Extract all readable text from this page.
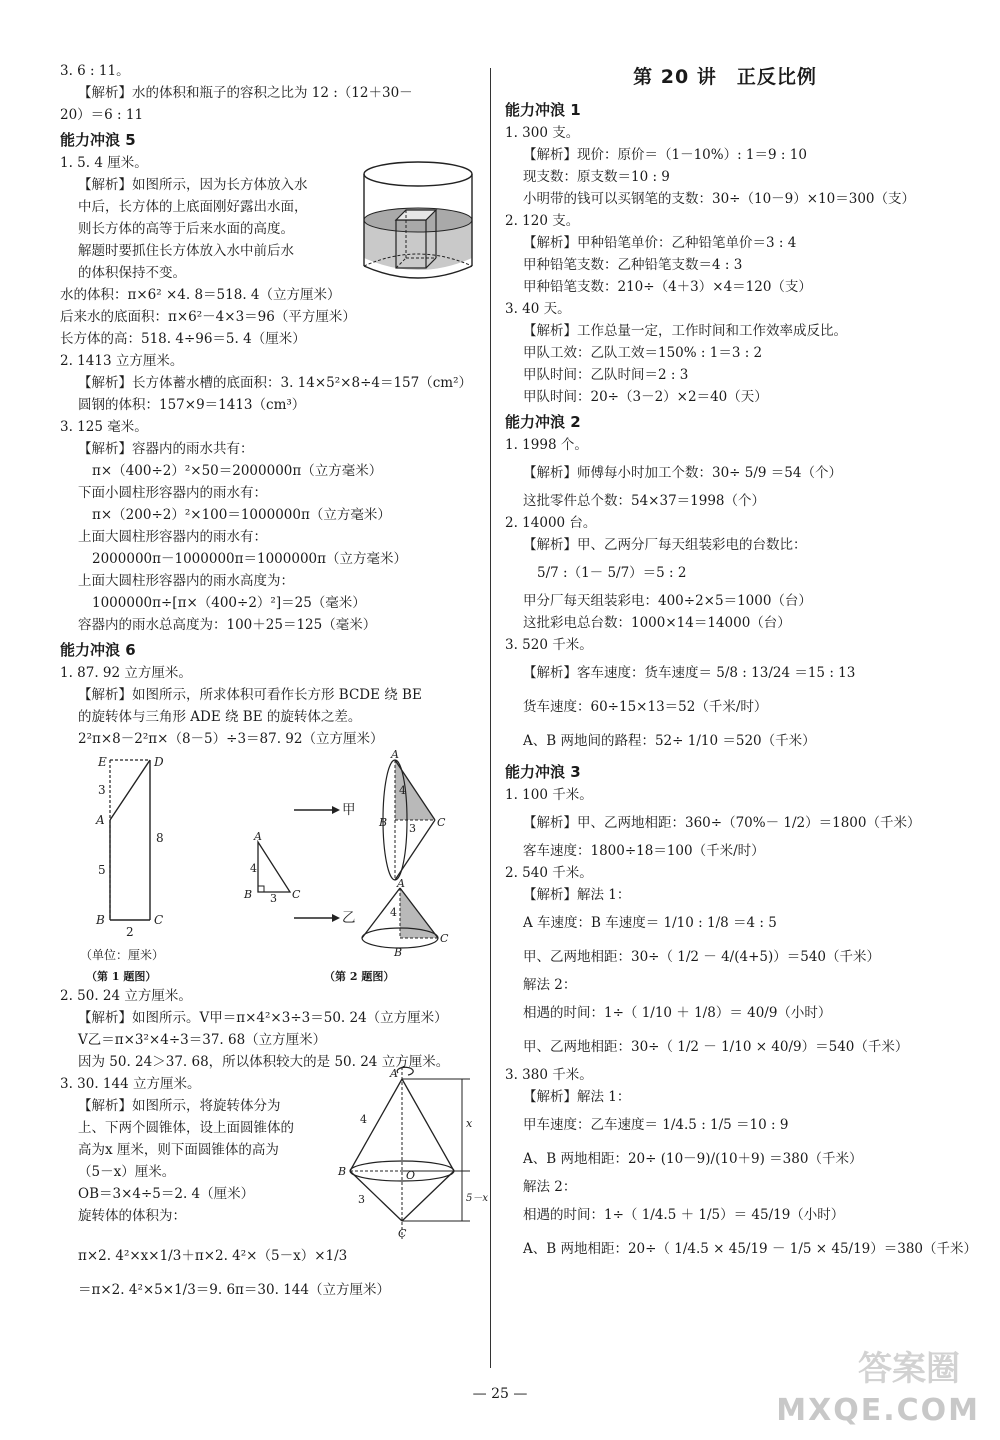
3. 6 : 11。
【解析】水的体积和瓶子的容积之比为 12 :（12＋30－
20）＝6 : 11
能力冲浪 5
1. 5. 4 厘米。
【解析】如图所示，因为长方体放入水
中后，长方体的上底面刚好露出水面，
则长方体的高等于后来水面的高度。
解题时要抓住长方体放入水中前后水
的体积保持不变。
水的体积：π×6² ×4. 8＝518. 4（立方厘米）
后来水的底面积：π×6²－4×3＝96（平方厘米）
长方体的高：518. 4÷96＝5. 4（厘米）
2. 1413 立方厘米。
【解析】长方体蓄水槽的底面积：3. 14×5²×8÷4＝157（cm²）
圆钢的体积：157×9＝1413（cm³）
3. 125 毫米。
【解析】容器内的雨水共有：
π×（400÷2）²×50＝2000000π（立方毫米）
下面小圆柱形容器内的雨水有：
π×（200÷2）²×100＝1000000π（立方毫米）
上面大圆柱形容器内的雨水有：
2000000π－1000000π＝1000000π（立方毫米）
上面大圆柱形容器内的雨水高度为：
1000000π÷[π×（400÷2）²]＝25（毫米）
容器内的雨水总高度为：100＋25＝125（毫米）
能力冲浪 6
1. 87. 92 立方厘米。
【解析】如图所示，所求体积可看作长方形 BCDE 绕 BE
的旋转体与三角形 ADE 绕 BE 的旋转体之差。
2²π×8－2²π×（8－5）÷3＝87. 92（立方厘米）
E	D
3
A
8
5
B	C
2
（单位：厘米）
（第 1 题图）
A
4
B	C
3
甲
乙
A
B	C
3
4
A
4
B
C
（第 2 题图）
2. 50. 24 立方厘米。
【解析】如图所示。V甲＝π×4²×3÷3＝50. 24（立方厘米）
V乙＝π×3²×4÷3＝37. 68（立方厘米）
因为 50. 24＞37. 68，所以体积较大的是 50. 24 立方厘米。
3. 30. 144 立方厘米。
【解析】如图所示，将旋转体分为
上、下两个圆锥体，设上面圆锥体的
高为x 厘米，则下面圆锥体的高为
（5－x）厘米。
OB＝3×4÷5＝2. 4（厘米）
旋转体的体积为：
A
4
B	O
3
C
x
5－x
π×2. 4²×x×1/3＋π×2. 4²×（5－x）×1/3
＝π×2. 4²×5×1/3＝9. 6π＝30. 144（立方厘米）
第 20 讲　正反比例
能力冲浪 1
1. 300 支。
【解析】现价：原价＝（1－10%）: 1＝9 : 10
现支数：原支数＝10 : 9
小明带的钱可以买钢笔的支数：30÷（10－9）×10＝300（支）
2. 120 支。
【解析】甲种铅笔单价：乙种铅笔单价＝3 : 4
甲种铅笔支数：乙种铅笔支数＝4 : 3
甲种铅笔支数：210÷（4＋3）×4＝120（支）
3. 40 天。
【解析】工作总量一定，工作时间和工作效率成反比。
甲队工效：乙队工效＝150% : 1＝3 : 2
甲队时间：乙队时间＝2 : 3
甲队时间：20÷（3－2）×2＝40（天）
能力冲浪 2
1. 1998 个。
【解析】师傅每小时加工个数：30÷ 5/9 ＝54（个）
这批零件总个数：54×37＝1998（个）
2. 14000 台。
【解析】甲、乙两分厂每天组装彩电的台数比：
5/7 :（1－ 5/7）＝5 : 2
甲分厂每天组装彩电：400÷2×5＝1000（台）
这批彩电总台数：1000×14＝14000（台）
3. 520 千米。
【解析】客车速度：货车速度＝ 5/8 : 13/24 ＝15 : 13
货车速度：60÷15×13＝52（千米/时）
A、B 两地间的路程：52÷ 1/10 ＝520（千米）
能力冲浪 3
1. 100 千米。
【解析】甲、乙两地相距：360÷（70%－ 1/2）＝1800（千米）
客车速度：1800÷18＝100（千米/时）
2. 540 千米。
【解析】解法 1：
A 车速度：B 车速度＝ 1/10 : 1/8 ＝4 : 5
甲、乙两地相距：30÷（ 1/2 － 4/(4+5)）＝540（千米）
解法 2：
相遇的时间：1÷（ 1/10 ＋ 1/8）＝ 40/9（小时）
甲、乙两地相距：30÷（ 1/2 － 1/10 × 40/9）＝540（千米）
3. 380 千米。
【解析】解法 1：
甲车速度：乙车速度＝ 1/4.5 : 1/5 ＝10 : 9
A、B 两地相距：20÷ (10－9)/(10＋9) ＝380（千米）
解法 2：
相遇的时间：1÷（ 1/4.5 ＋ 1/5）＝ 45/19（小时）
A、B 两地相距：20÷（ 1/4.5 × 45/19 － 1/5 × 45/19）＝380（千米）
— 25 —
答案圈
MXQE.COM
